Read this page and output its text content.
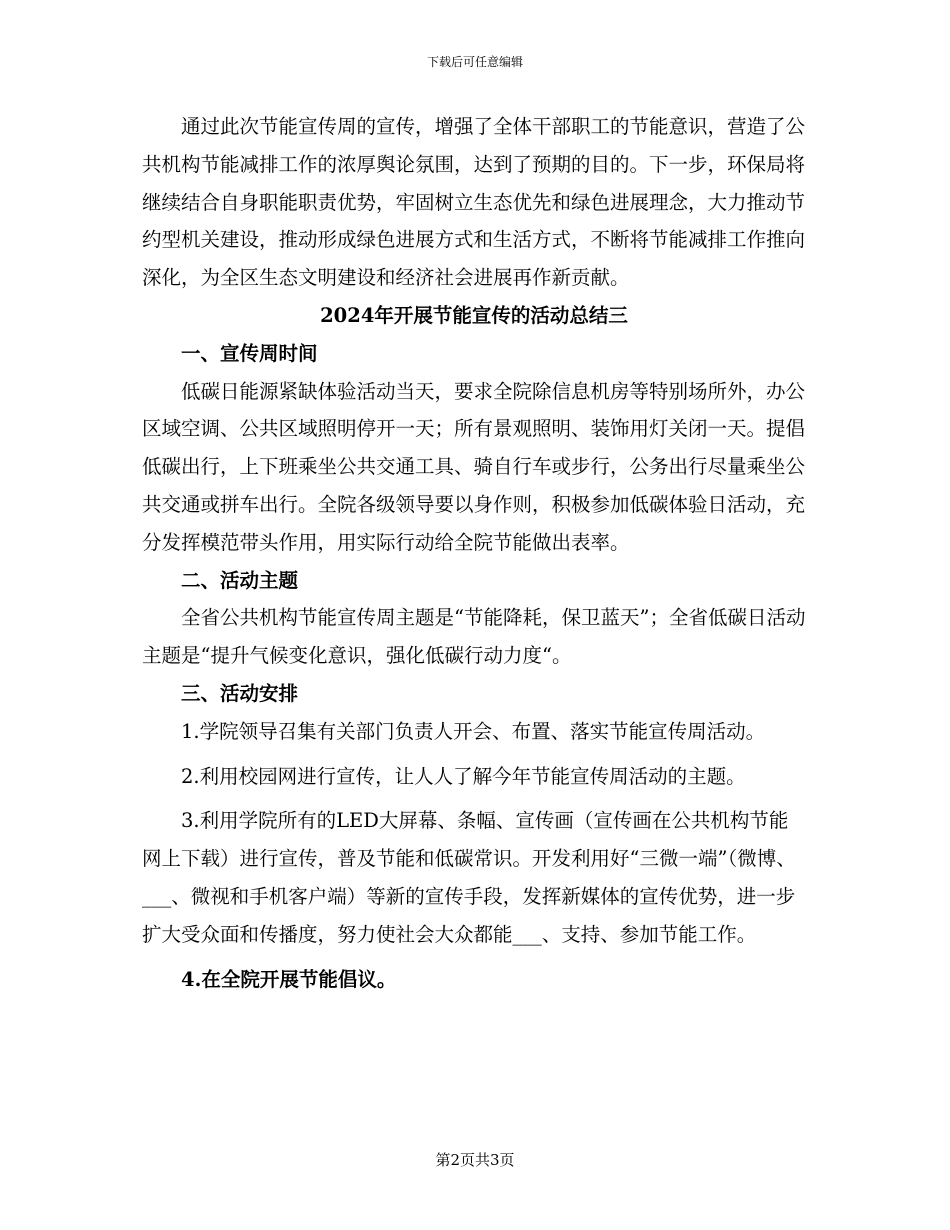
下载后可任意编辑

通过此次节能宣传周的宣传，增强了全体干部职工的节能意识，营造了公共机构节能减排工作的浓厚舆论氛围，达到了预期的目的。下一步，环保局将继续结合自身职能职责优势，牢固树立生态优先和绿色进展理念，大力推动节约型机关建设，推动形成绿色进展方式和生活方式，不断将节能减排工作推向深化，为全区生态文明建设和经济社会进展再作新贡献。

2024年开展节能宣传的活动总结三

一、宣传周时间

低碳日能源紧缺体验活动当天，要求全院除信息机房等特别场所外，办公区域空调、公共区域照明停开一天；所有景观照明、装饰用灯关闭一天。提倡低碳出行，上下班乘坐公共交通工具、骑自行车或步行，公务出行尽量乘坐公共交通或拼车出行。全院各级领导要以身作则，积极参加低碳体验日活动，充分发挥模范带头作用，用实际行动给全院节能做出表率。

二、活动主题

全省公共机构节能宣传周主题是“节能降耗，保卫蓝天”；全省低碳日活动主题是“提升气候变化意识，强化低碳行动力度“。

三、活动安排

1.学院领导召集有关部门负责人开会、布置、落实节能宣传周活动。

2.利用校园网进行宣传，让人人了解今年节能宣传周活动的主题。

3.利用学院所有的LED大屏幕、条幅、宣传画（宣传画在公共机构节能网上下载）进行宣传，普及节能和低碳常识。开发利用好“三微一端”（微博、___、微视和手机客户端）等新的宣传手段，发挥新媒体的宣传优势，进一步扩大受众面和传播度，努力使社会大众都能___、支持、参加节能工作。

4.在全院开展节能倡议。

第2页共3页
